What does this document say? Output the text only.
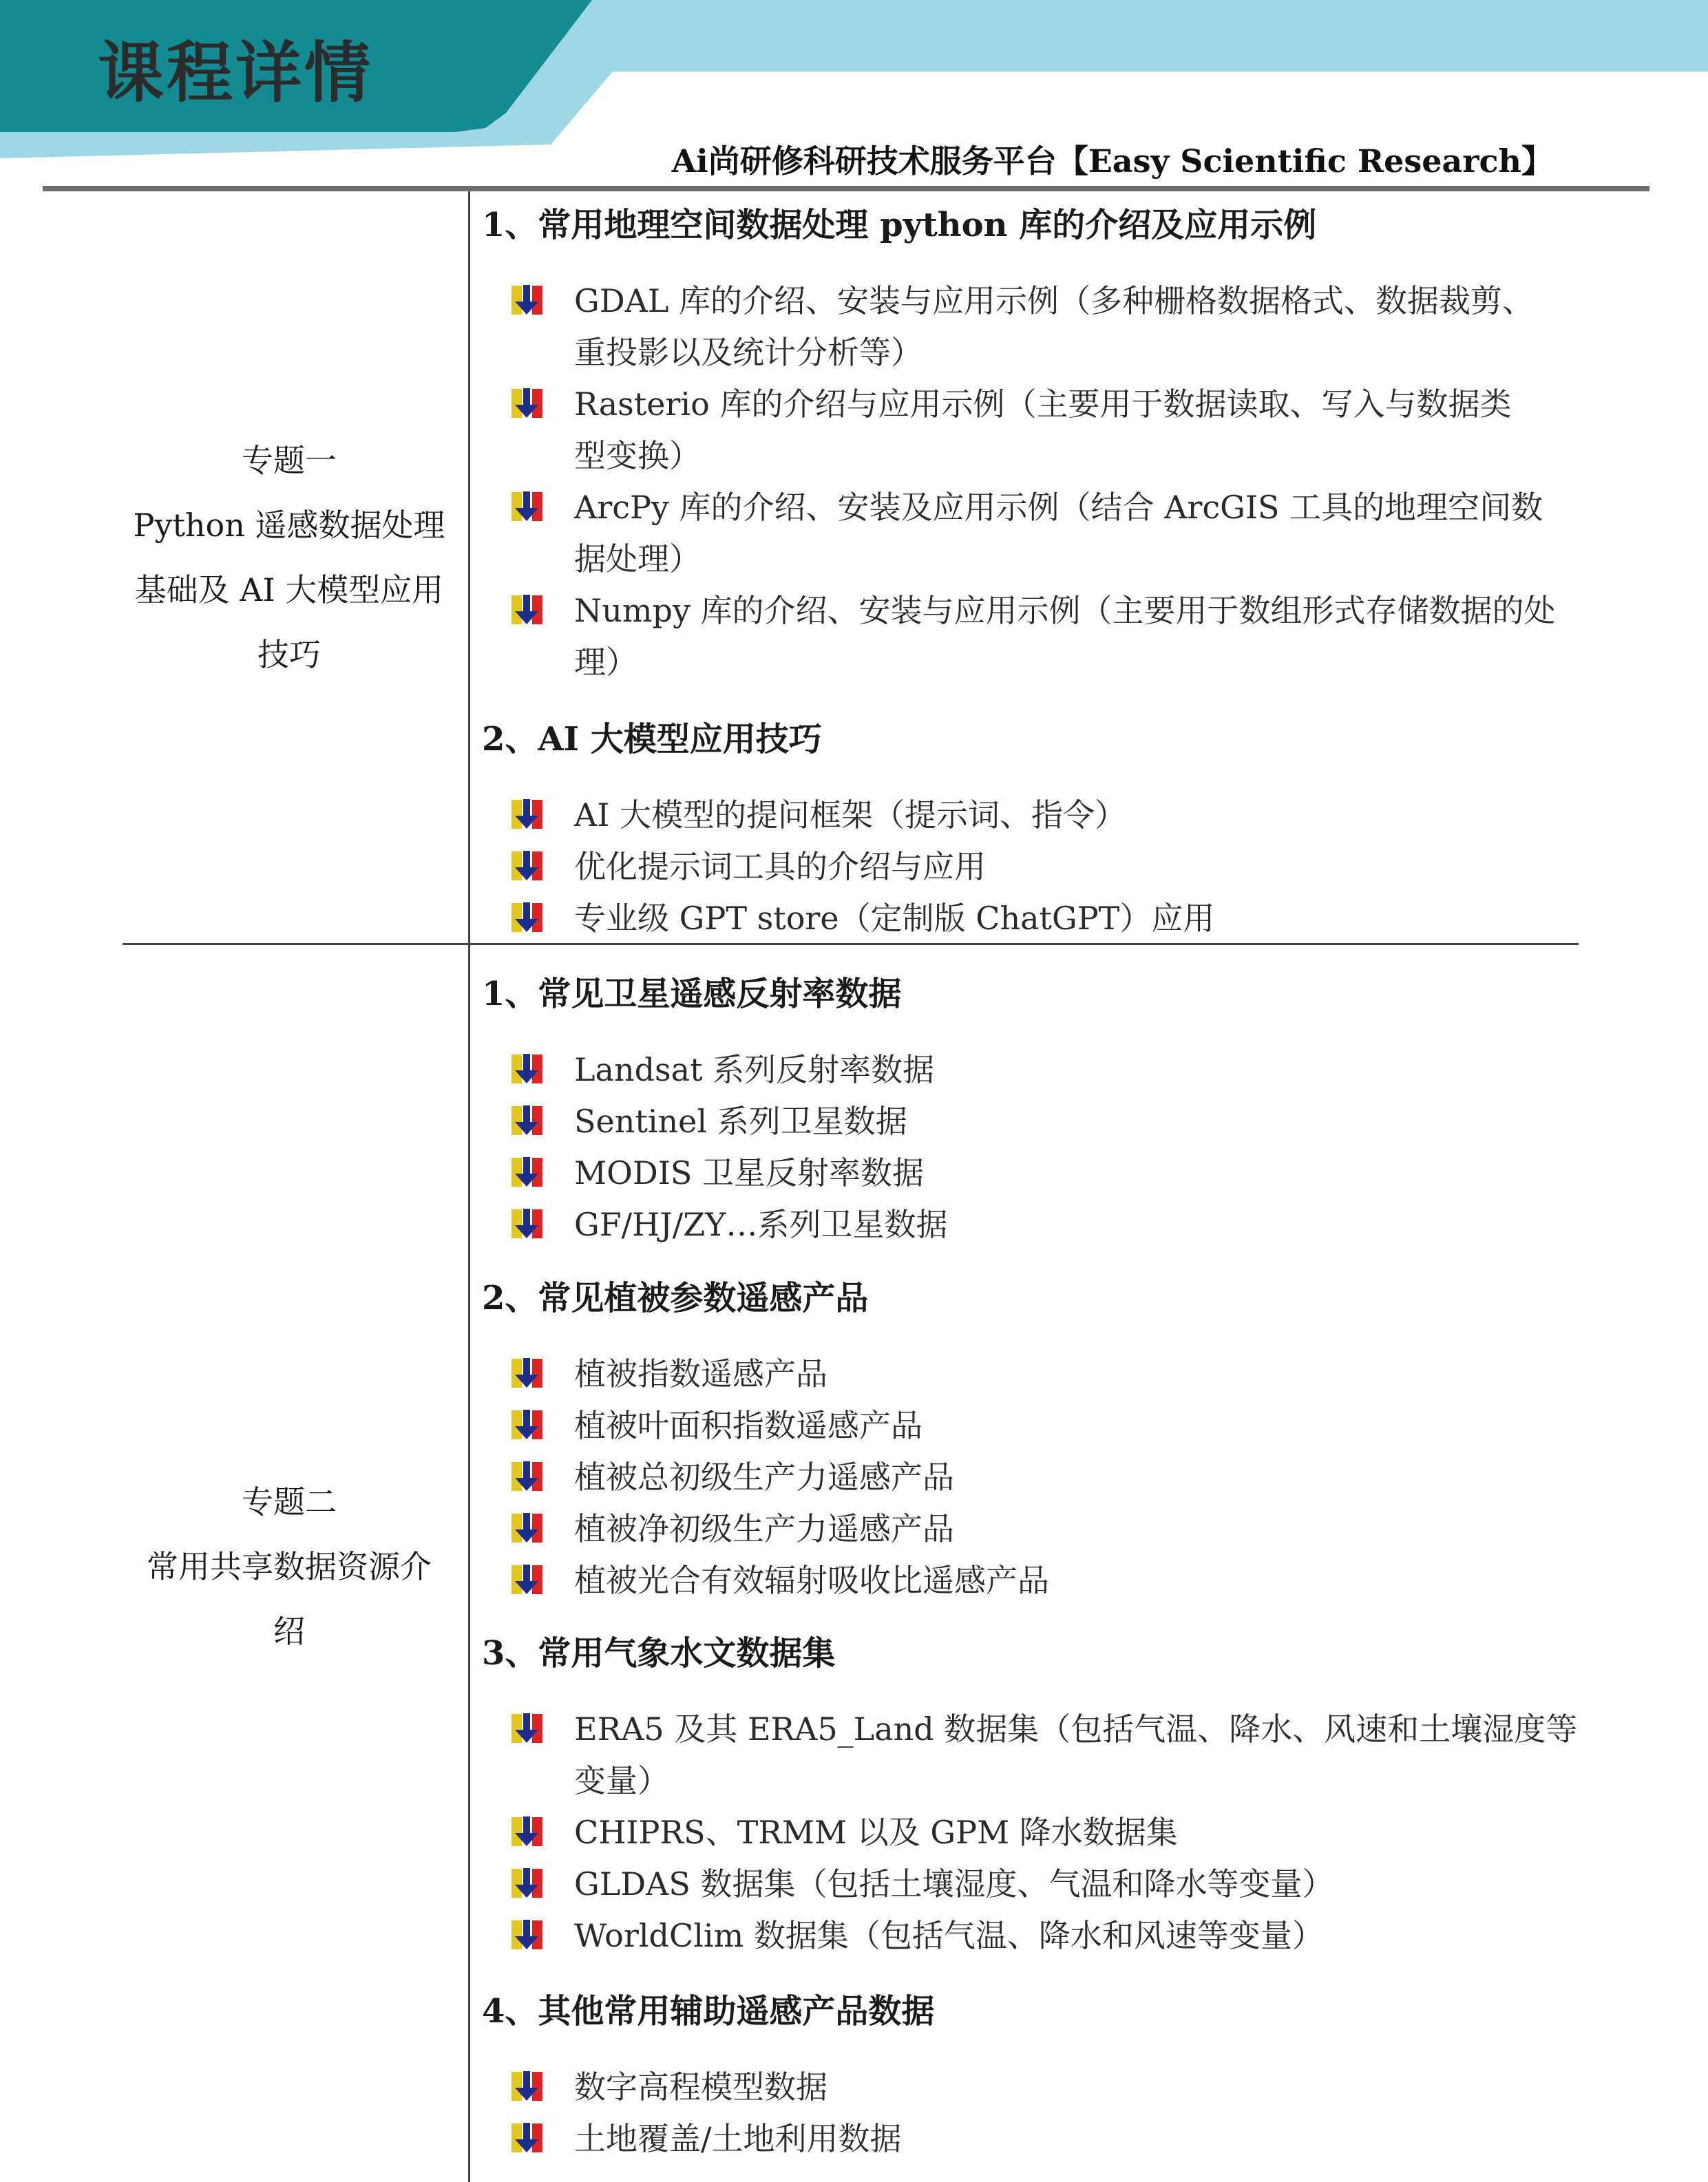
课程详情
Ai尚研修科研技术服务平台【Easy Scientific Research】
专题一
Python 遥感数据处理
基础及 AI 大模型应用
技巧
专题二
常用共享数据资源介
绍
1、常用地理空间数据处理 python 库的介绍及应用示例
GDAL 库的介绍、安装与应用示例（多种栅格数据格式、数据裁剪、
重投影以及统计分析等）
Rasterio 库的介绍与应用示例（主要用于数据读取、写入与数据类
型变换）
ArcPy 库的介绍、安装及应用示例（结合 ArcGIS 工具的地理空间数
据处理）
Numpy 库的介绍、安装与应用示例（主要用于数组形式存储数据的处
理）
2、AI 大模型应用技巧
AI 大模型的提问框架（提示词、指令）
优化提示词工具的介绍与应用
专业级 GPT store（定制版 ChatGPT）应用
1、常见卫星遥感反射率数据
Landsat 系列反射率数据
Sentinel 系列卫星数据
MODIS 卫星反射率数据
GF/HJ/ZY…系列卫星数据
2、常见植被参数遥感产品
植被指数遥感产品
植被叶面积指数遥感产品
植被总初级生产力遥感产品
植被净初级生产力遥感产品
植被光合有效辐射吸收比遥感产品
3、常用气象水文数据集
ERA5 及其 ERA5_Land 数据集（包括气温、降水、风速和土壤湿度等
变量）
CHIPRS、TRMM 以及 GPM 降水数据集
GLDAS 数据集（包括土壤湿度、气温和降水等变量）
WorldClim 数据集（包括气温、降水和风速等变量）
4、其他常用辅助遥感产品数据
数字高程模型数据
土地覆盖/土地利用数据
